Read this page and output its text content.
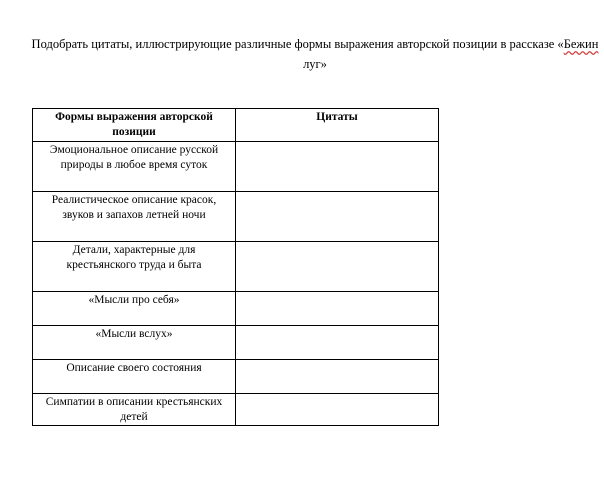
Подобрать цитаты, иллюстрирующие различные формы выражения авторской позиции в рассказе «Бежин луг»
Формы выражения авторской позиции	Цитаты
Эмоциональное описание русской природы в любое время суток	
Реалистическое описание красок, звуков и запахов летней ночи	
Детали, характерные для крестьянского труда и быта	
«Мысли про себя»	
«Мысли вслух»	
Описание своего состояния	
Симпатии в описании крестьянских детей	
